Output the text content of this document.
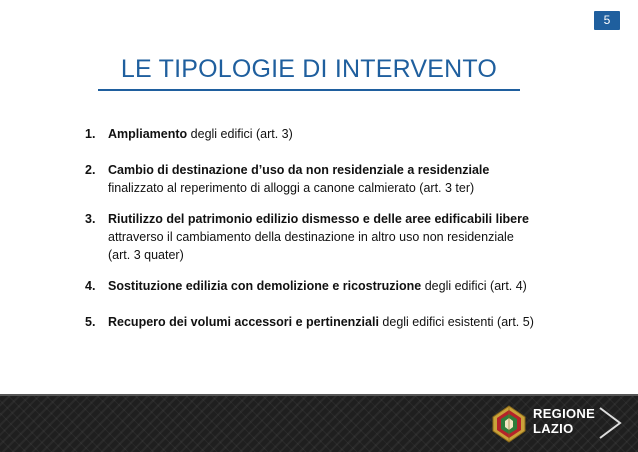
5
LE TIPOLOGIE DI INTERVENTO
1. Ampliamento degli edifici (art. 3)
2. Cambio di destinazione d’uso da non residenziale a residenziale
finalizzato al reperimento di alloggi a canone calmierato (art. 3 ter)
3. Riutilizzo del patrimonio edilizio dismesso e delle aree edificabili libere
attraverso il cambiamento della destinazione in altro uso non residenziale
(art. 3 quater)
4. Sostituzione edilizia con demolizione e ricostruzione degli edifici (art. 4)
5. Recupero dei volumi accessori e pertinenziali degli edifici esistenti (art. 5)
REGIONE
LAZIO
